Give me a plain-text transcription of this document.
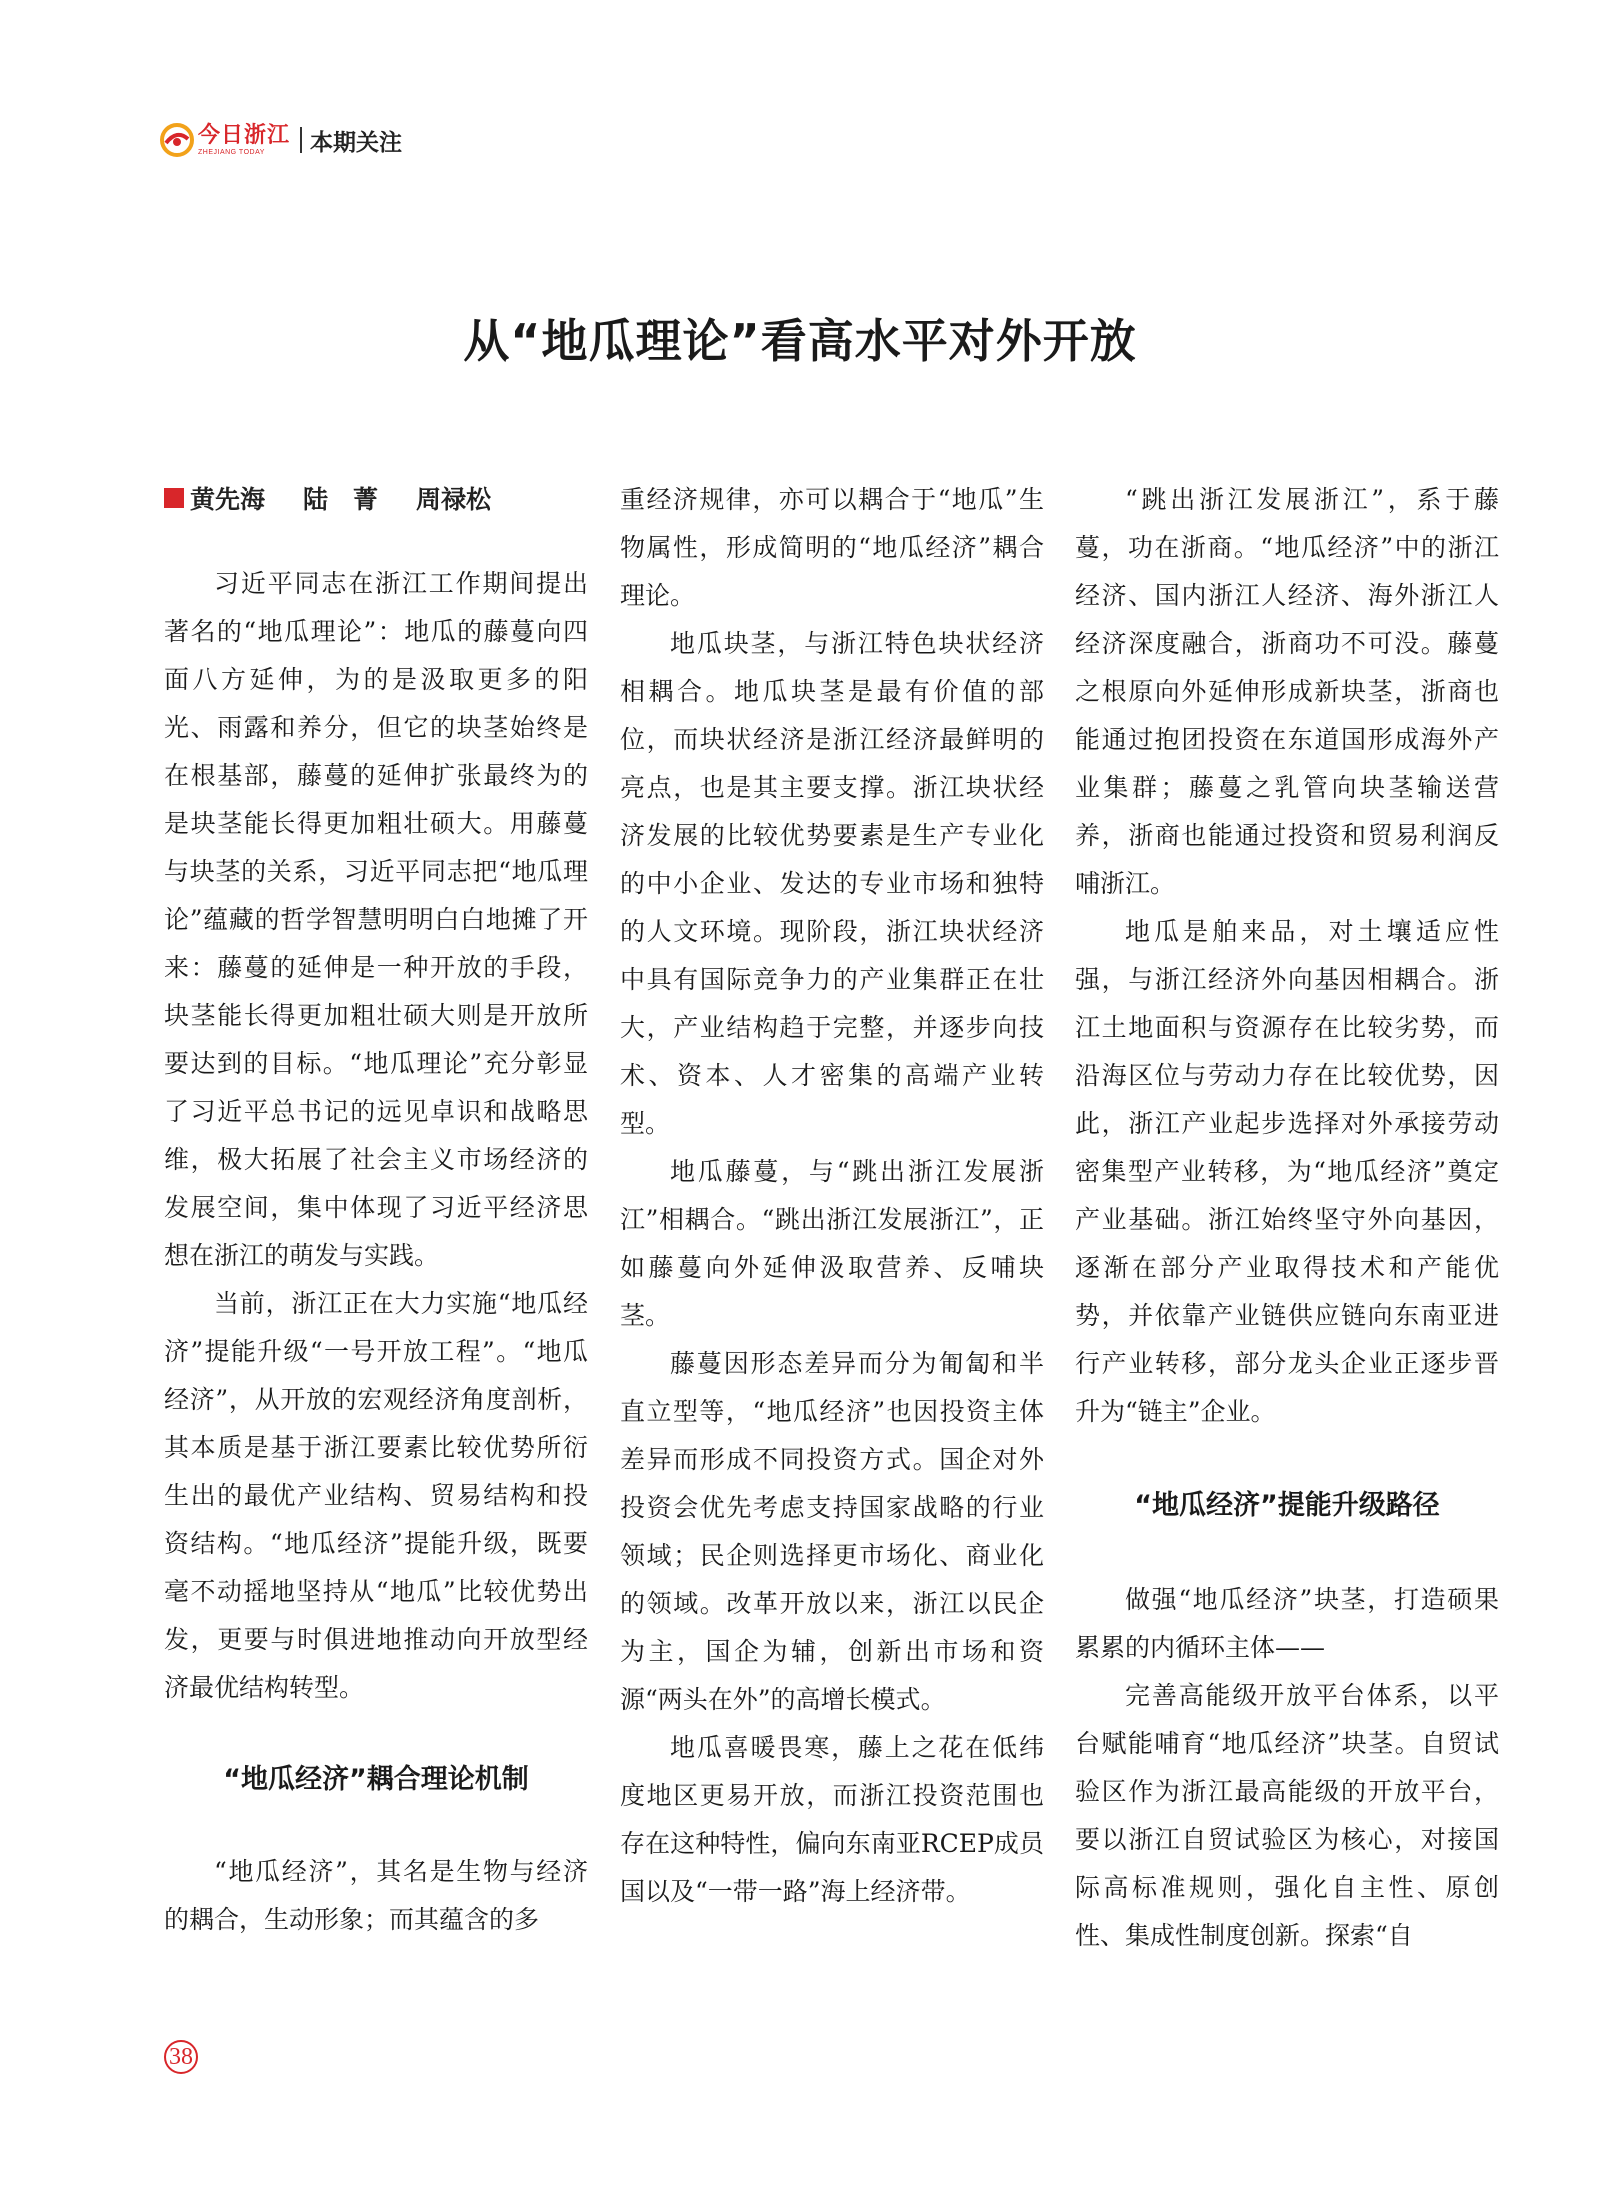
今日浙江
ZHEJIANG TODAY	本期关注
从“地瓜理论”看高水平对外开放
黄先海 陆　菁 周禄松

习近平同志在浙江工作期间提出著名的“地瓜理论”：地瓜的藤蔓向四面八方延伸，为的是汲取更多的阳光、雨露和养分，但它的块茎始终是在根基部，藤蔓的延伸扩张最终为的是块茎能长得更加粗壮硕大。用藤蔓与块茎的关系，习近平同志把“地瓜理论”蕴藏的哲学智慧明明白白地摊了开来：藤蔓的延伸是一种开放的手段，块茎能长得更加粗壮硕大则是开放所要达到的目标。“地瓜理论”充分彰显了习近平总书记的远见卓识和战略思维，极大拓展了社会主义市场经济的发展空间，集中体现了习近平经济思想在浙江的萌发与实践。

当前，浙江正在大力实施“地瓜经济”提能升级“一号开放工程”。“地瓜经济”，从开放的宏观经济角度剖析，其本质是基于浙江要素比较优势所衍生出的最优产业结构、贸易结构和投资结构。“地瓜经济”提能升级，既要毫不动摇地坚持从“地瓜”比较优势出发，更要与时俱进地推动向开放型经济最优结构转型。

“地瓜经济”耦合理论机制

“地瓜经济”，其名是生物与经济的耦合，生动形象；而其蕴含的多

重经济规律，亦可以耦合于“地瓜”生物属性，形成简明的“地瓜经济”耦合理论。

地瓜块茎，与浙江特色块状经济相耦合。地瓜块茎是最有价值的部位，而块状经济是浙江经济最鲜明的亮点，也是其主要支撑。浙江块状经济发展的比较优势要素是生产专业化的中小企业、发达的专业市场和独特的人文环境。现阶段，浙江块状经济中具有国际竞争力的产业集群正在壮大，产业结构趋于完整，并逐步向技术、资本、人才密集的高端产业转型。

地瓜藤蔓，与“跳出浙江发展浙江”相耦合。“跳出浙江发展浙江”，正如藤蔓向外延伸汲取营养、反哺块茎。

藤蔓因形态差异而分为匍匐和半直立型等，“地瓜经济”也因投资主体差异而形成不同投资方式。国企对外投资会优先考虑支持国家战略的行业领域；民企则选择更市场化、商业化的领域。改革开放以来，浙江以民企为主，国企为辅，创新出市场和资源“两头在外”的高增长模式。

地瓜喜暖畏寒，藤上之花在低纬度地区更易开放，而浙江投资范围也存在这种特性，偏向东南亚RCEP成员国以及“一带一路”海上经济带。

“跳出浙江发展浙江”，系于藤蔓，功在浙商。“地瓜经济”中的浙江经济、国内浙江人经济、海外浙江人经济深度融合，浙商功不可没。藤蔓之根原向外延伸形成新块茎，浙商也能通过抱团投资在东道国形成海外产业集群；藤蔓之乳管向块茎输送营养，浙商也能通过投资和贸易利润反哺浙江。

地瓜是舶来品，对土壤适应性强，与浙江经济外向基因相耦合。浙江土地面积与资源存在比较劣势，而沿海区位与劳动力存在比较优势，因此，浙江产业起步选择对外承接劳动密集型产业转移，为“地瓜经济”奠定产业基础。浙江始终坚守外向基因，逐渐在部分产业取得技术和产能优势，并依靠产业链供应链向东南亚进行产业转移，部分龙头企业正逐步晋升为“链主”企业。

“地瓜经济”提能升级路径

做强“地瓜经济”块茎，打造硕果累累的内循环主体——

完善高能级开放平台体系，以平台赋能哺育“地瓜经济”块茎。自贸试验区作为浙江最高能级的开放平台，要以浙江自贸试验区为核心，对接国际高标准规则，强化自主性、原创性、集成性制度创新。探索“自

38
